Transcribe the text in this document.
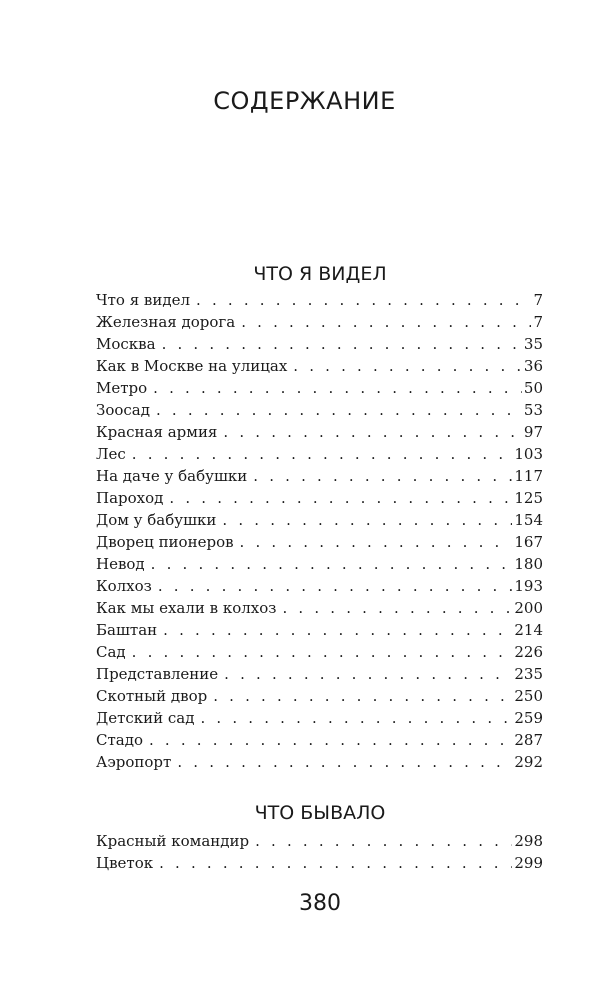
СОДЕРЖАНИЕ
ЧТО Я ВИДЕЛ
Что я видел . . .	7
Железная дорога . . .	7
Москва . . .	35
Как в Москве на улицах . . .	36
Метро . . .	50
Зоосад . . .	53
Красная армия . . .	97
Лес . . .	103
На даче у бабушки . . .	117
Пароход . . .	125
Дом у бабушки . . .	154
Дворец пионеров . . .	167
Невод . . .	180
Колхоз . . .	193
Как мы ехали в колхоз . . .	200
Баштан . . .	214
Сад . . .	226
Представление . . .	235
Скотный двор . . .	250
Детский сад . . .	259
Стадо . . .	287
Аэропорт . . .	292
ЧТО БЫВАЛО
Красный командир . . .	298
Цветок . . .	299
380
